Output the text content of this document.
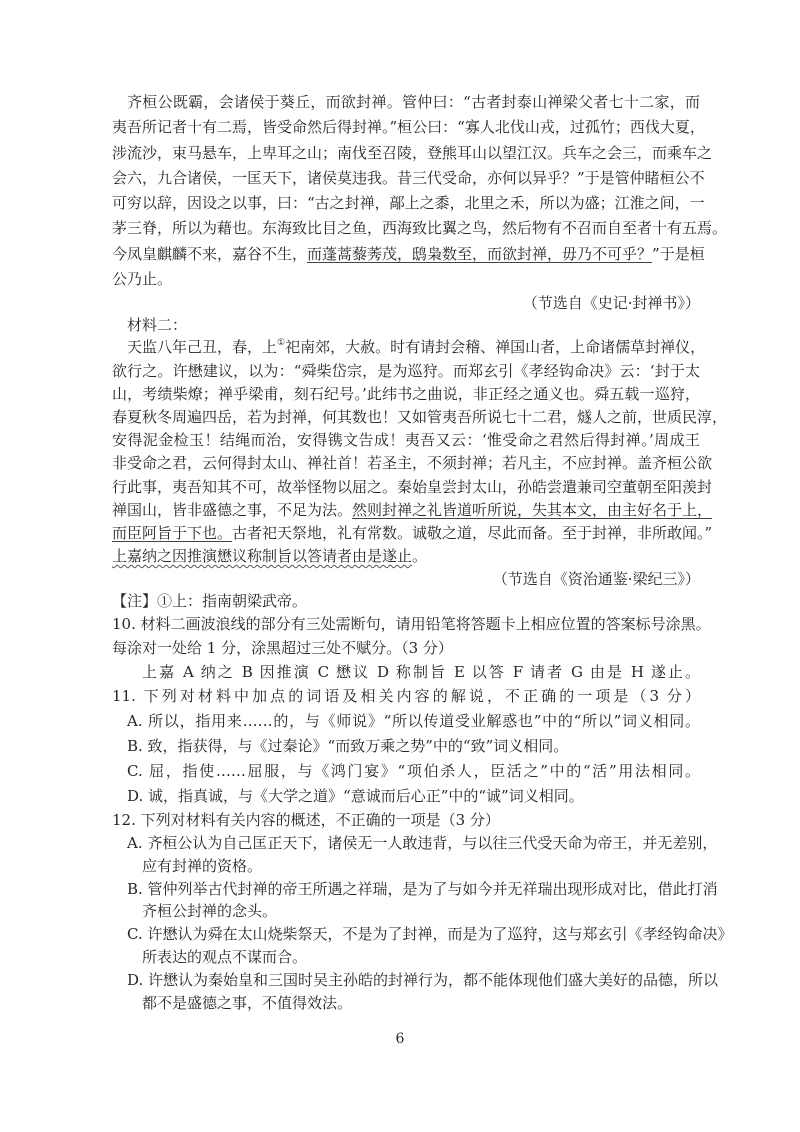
齐桓公既霸，会诸侯于葵丘，而欲封禅。管仲曰：“古者封泰山禅梁父者七十二家，而
夷吾所记者十有二焉，皆受命然后得封禅。”桓公曰：“寡人北伐山戎，过孤竹；西伐大夏，
涉流沙，束马悬车，上卑耳之山；南伐至召陵，登熊耳山以望江汉。兵车之会三，而乘车之
会六，九合诸侯，一匡天下，诸侯莫违我。昔三代受命，亦何以异乎？”于是管仲睹桓公不
可穷以辞，因设之以事，曰：“古之封禅，鄗上之黍，北里之禾，所以为盛；江淮之间，一
茅三脊，所以为藉也。东海致比目之鱼，西海致比翼之鸟，然后物有不召而自至者十有五焉。
今凤皇麒麟不来，嘉谷不生，而蓬蒿藜莠茂，鸱枭数至，而欲封禅，毋乃不可乎？”于是桓
公乃止。
（节选自《史记·封禅书》）
材料二：
天监八年己丑，春，上①祀南郊，大赦。时有请封会稽、禅国山者，上命诸儒草封禅仪，
欲行之。许懋建议，以为：“舜柴岱宗，是为巡狩。而郑玄引《孝经钩命决》云：‘封于太
山，考绩柴燎；禅乎梁甫，刻石纪号。’此纬书之曲说，非正经之通义也。舜五载一巡狩，
春夏秋冬周遍四岳，若为封禅，何其数也！又如管夷吾所说七十二君，燧人之前，世质民淳，
安得泥金检玉！结绳而治，安得镌文告成！夷吾又云：‘惟受命之君然后得封禅。’周成王
非受命之君，云何得封太山、禅社首！若圣主，不须封禅；若凡主，不应封禅。盖齐桓公欲
行此事，夷吾知其不可，故举怪物以屈之。秦始皇尝封太山，孙皓尝遣兼司空董朝至阳羡封
禅国山，皆非盛德之事，不足为法。然则封禅之礼皆道听所说，失其本文，由主好名于上，
而臣阿旨于下也。古者祀天祭地，礼有常数。诚敬之道，尽此而备。至于封禅，非所敢闻。”
上嘉纳之因推演懋议称制旨以答请者由是遂止。
（节选自《资治通鉴·梁纪三》）
【注】①上：指南朝梁武帝。
10. 材料二画波浪线的部分有三处需断句，请用铅笔将答题卡上相应位置的答案标号涂黑。
每涂对一处给 1 分，涂黑超过三处不赋分。（3 分）
上嘉 A 纳之 B 因推演 C 懋议 D 称制旨 E 以答 F 请者 G 由是 H 遂止。
11. 下列对材料中加点的词语及相关内容的解说，不正确的一项是（3 分）
A. 所以，指用来……的，与《师说》“所以传道受业解惑也”中的“所以”词义相同。
B. 致，指获得，与《过秦论》“而致万乘之势”中的“致”词义相同。
C. 屈，指使……屈服，与《鸿门宴》“项伯杀人，臣活之”中的“活”用法相同。
D. 诚，指真诚，与《大学之道》“意诚而后心正”中的“诚”词义相同。
12. 下列对材料有关内容的概述，不正确的一项是（3 分）
A. 齐桓公认为自己匡正天下，诸侯无一人敢违背，与以往三代受天命为帝王，并无差别，
应有封禅的资格。
B. 管仲列举古代封禅的帝王所遇之祥瑞，是为了与如今并无祥瑞出现形成对比，借此打消
齐桓公封禅的念头。
C. 许懋认为舜在太山烧柴祭天，不是为了封禅，而是为了巡狩，这与郑玄引《孝经钩命决》
所表达的观点不谋而合。
D. 许懋认为秦始皇和三国时吴主孙皓的封禅行为，都不能体现他们盛大美好的品德，所以
都不是盛德之事，不值得效法。
6
